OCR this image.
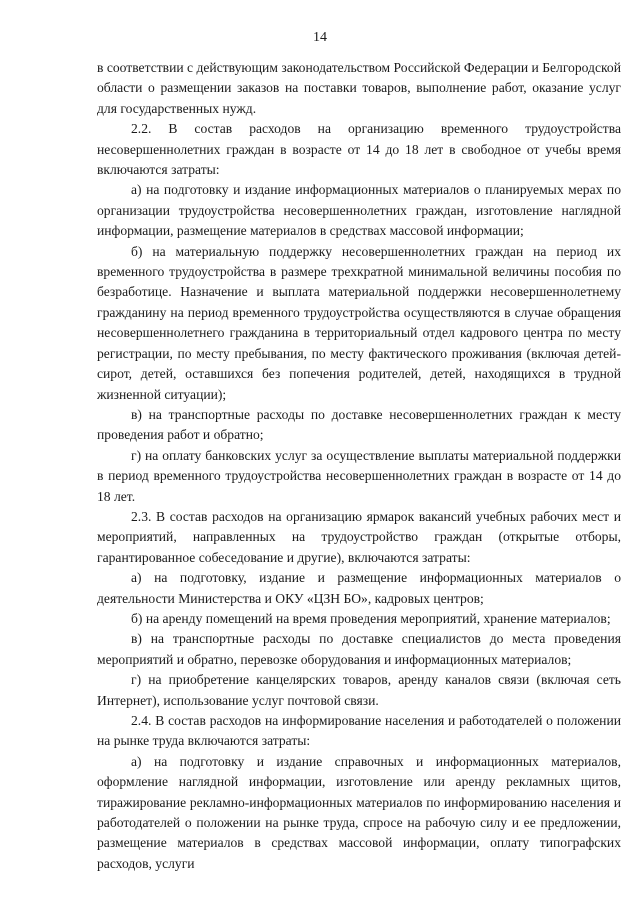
14

в соответствии с действующим законодательством Российской Федерации и Белгородской области о размещении заказов на поставки товаров, выполнение работ, оказание услуг для государственных нужд.

2.2. В состав расходов на организацию временного трудоустройства несовершеннолетних граждан в возрасте от 14 до 18 лет в свободное от учебы время включаются затраты:

а) на подготовку и издание информационных материалов о планируемых мерах по организации трудоустройства несовершеннолетних граждан, изготовление наглядной информации, размещение материалов в средствах массовой информации;

б) на материальную поддержку несовершеннолетних граждан на период их временного трудоустройства в размере трехкратной минимальной величины пособия по безработице. Назначение и выплата материальной поддержки несовершеннолетнему гражданину на период временного трудоустройства осуществляются в случае обращения несовершеннолетнего гражданина в территориальный отдел кадрового центра по месту регистрации, по месту пребывания, по месту фактического проживания (включая детей-сирот, детей, оставшихся без попечения родителей, детей, находящихся в трудной жизненной ситуации);

в) на транспортные расходы по доставке несовершеннолетних граждан к месту проведения работ и обратно;

г) на оплату банковских услуг за осуществление выплаты материальной поддержки в период временного трудоустройства несовершеннолетних граждан в возрасте от 14 до 18 лет.

2.3. В состав расходов на организацию ярмарок вакансий учебных рабочих мест и мероприятий, направленных на трудоустройство граждан (открытые отборы, гарантированное собеседование и другие), включаются затраты:

а) на подготовку, издание и размещение информационных материалов о деятельности Министерства и ОКУ «ЦЗН БО», кадровых центров;

б) на аренду помещений на время проведения мероприятий, хранение материалов;

в) на транспортные расходы по доставке специалистов до места проведения мероприятий и обратно, перевозке оборудования и информационных материалов;

г) на приобретение канцелярских товаров, аренду каналов связи (включая сеть Интернет), использование услуг почтовой связи.

2.4. В состав расходов на информирование населения и работодателей о положении на рынке труда включаются затраты:

а) на подготовку и издание справочных и информационных материалов, оформление наглядной информации, изготовление или аренду рекламных щитов, тиражирование рекламно-информационных материалов по информированию населения и работодателей о положении на рынке труда, спросе на рабочую силу и ее предложении, размещение материалов в средствах массовой информации, оплату типографских расходов, услуги
